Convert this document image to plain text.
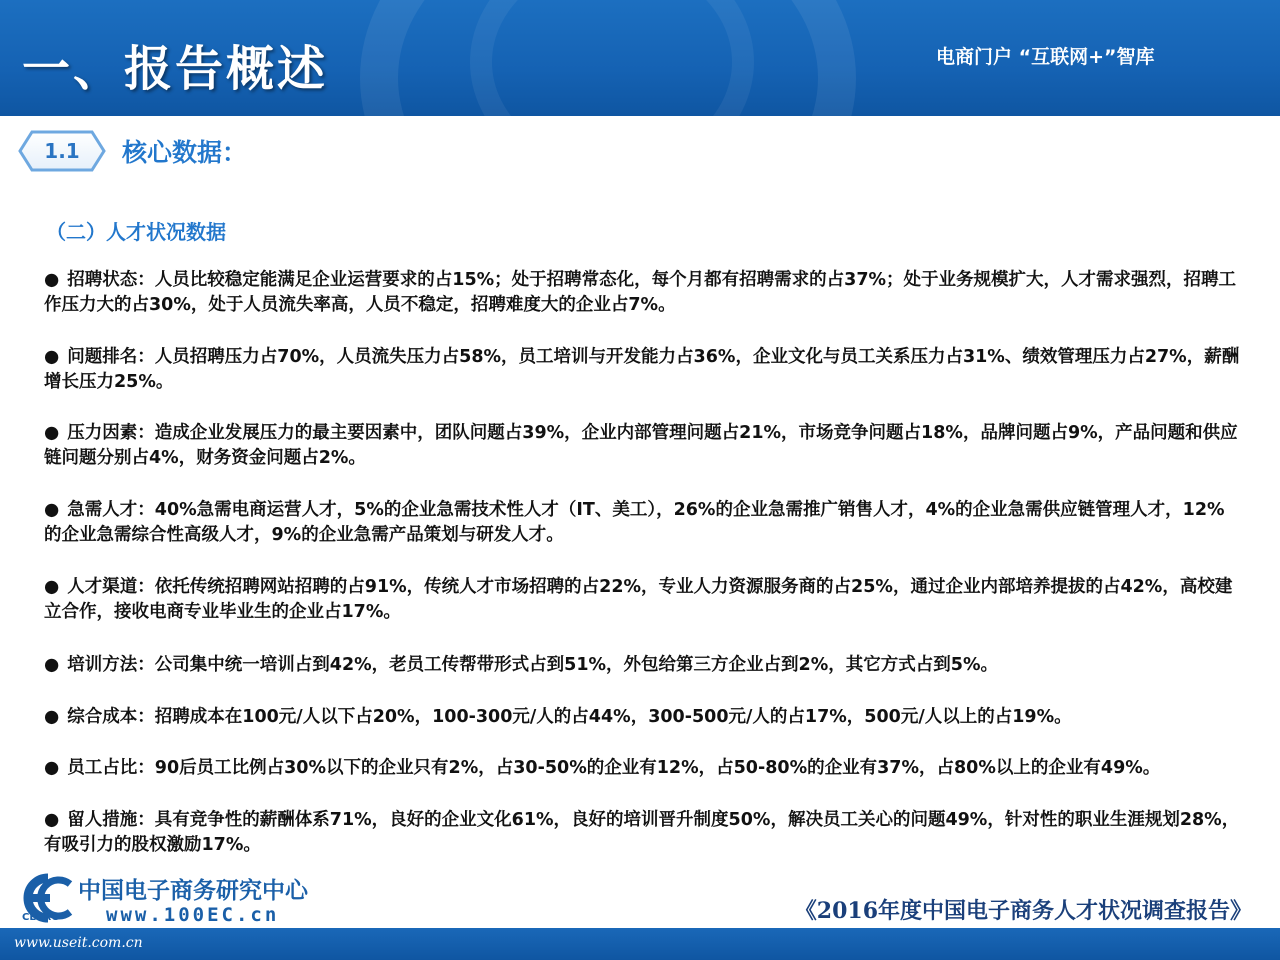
一、报告概述	电商门户 “互联网+”智库
1.1	核心数据：
（二）人才状况数据
● 招聘状态：人员比较稳定能满足企业运营要求的占15%；处于招聘常态化，每个月都有招聘需求的占37%；处于业务规模扩大，人才需求强烈，招聘工作压力大的占30%，处于人员流失率高，人员不稳定，招聘难度大的企业占7%。
● 问题排名：人员招聘压力占70%，人员流失压力占58%，员工培训与开发能力占36%，企业文化与员工关系压力占31%、绩效管理压力占27%，薪酬增长压力25%。
● 压力因素：造成企业发展压力的最主要因素中，团队问题占39%，企业内部管理问题占21%，市场竞争问题占18%，品牌问题占9%，产品问题和供应链问题分别占4%，财务资金问题占2%。
● 急需人才：40%急需电商运营人才，5%的企业急需技术性人才（IT、美工），26%的企业急需推广销售人才，4%的企业急需供应链管理人才，12%的企业急需综合性高级人才，9%的企业急需产品策划与研发人才。
● 人才渠道：依托传统招聘网站招聘的占91%，传统人才市场招聘的占22%，专业人力资源服务商的占25%，通过企业内部培养提拔的占42%，高校建立合作，接收电商专业毕业生的企业占17%。
● 培训方法：公司集中统一培训占到42%，老员工传帮带形式占到51%，外包给第三方企业占到2%，其它方式占到5%。
● 综合成本：招聘成本在100元/人以下占20%，100-300元/人的占44%，300-500元/人的占17%，500元/人以上的占19%。
● 员工占比：90后员工比例占30%以下的企业只有2%，占30-50%的企业有12%，占50-80%的企业有37%，占80%以上的企业有49%。
● 留人措施：具有竞争性的薪酬体系71%，良好的企业文化61%，良好的培训晋升制度50%，解决员工关心的问题49%，针对性的职业生涯规划28%，有吸引力的股权激励17%。
中国电子商务研究中心
CECRC www.100EC.cn	《2016年度中国电子商务人才状况调查报告》
www.useit.com.cn
